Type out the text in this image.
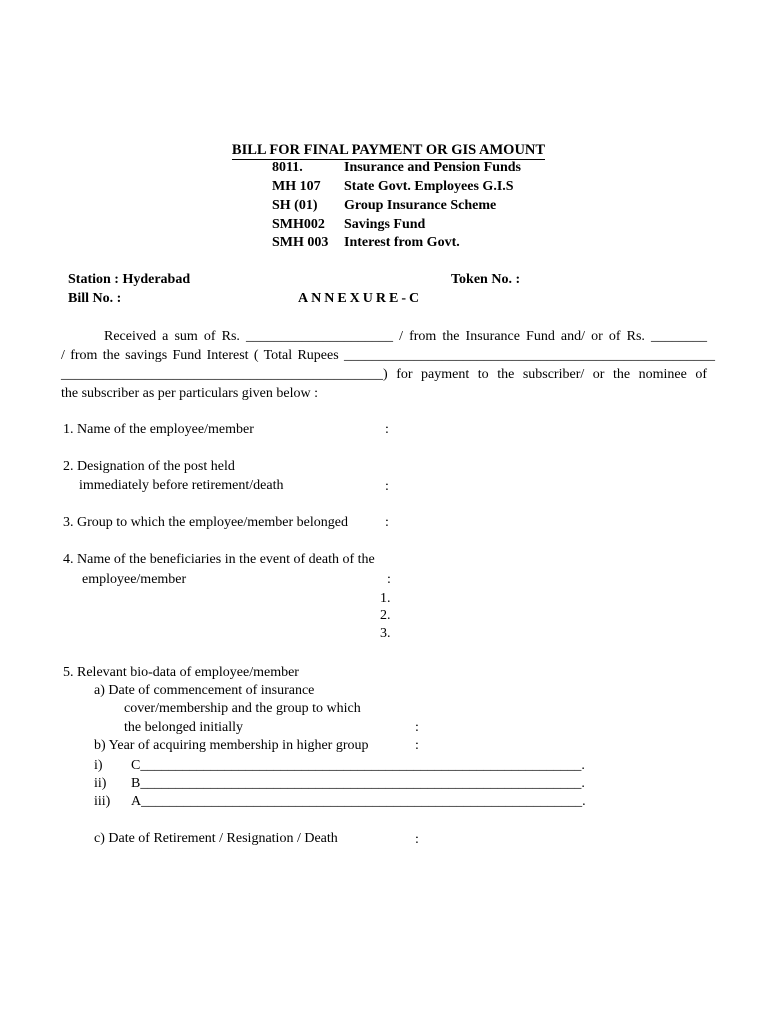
BILL FOR FINAL PAYMENT OR GIS AMOUNT
8011.	Insurance and Pension Funds
MH 107 State Govt. Employees G.I.S
SH (01) Group Insurance Scheme
SMH002 Savings Fund
SMH 003 Interest from Govt.
Station : Hyderabad	Token No. :
Bill No. :	ANNEXURE-C
Received a sum of Rs. _____________________ / from the Insurance Fund and/ or of Rs. ________
/ from the savings Fund Interest ( Total Rupees _____________________________________________________
______________________________________________) for payment to the subscriber/ or the nominee of
the subscriber as per particulars given below :
1. Name of the employee/member	:
2. Designation of the post held
immediately before retirement/death	:
3. Group to which the employee/member belonged	:
4. Name of the beneficiaries in the event of death of the
employee/member	:
1.
2.
3.
5. Relevant bio-data of employee/member
a) Date of commencement of insurance
cover/membership and the group to which
the belonged initially	:
b) Year of acquiring membership in higher group	:
i) C_______________________________________________________________.
ii) B_______________________________________________________________.
iii) A_______________________________________________________________.
c) Date of Retirement / Resignation / Death	:
